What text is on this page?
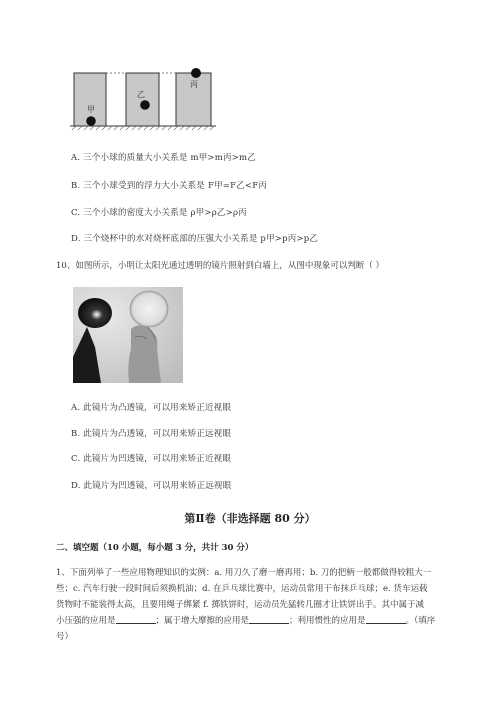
甲
乙
丙
A. 三个小球的质量大小关系是 m甲>m丙>m乙
B. 三个小球受到的浮力大小关系是 F甲=F乙<F丙
C. 三个小球的密度大小关系是 ρ甲>ρ乙>ρ丙
D. 三个烧杯中的水对烧杯底部的压强大小关系是 p甲>p丙>p乙
10、如图所示，小明让太阳光通过透明的镜片照射到白墙上，从图中现象可以判断（ ）
A. 此镜片为凸透镜，可以用来矫正近视眼
B. 此镜片为凸透镜，可以用来矫正远视眼
C. 此镜片为凹透镜，可以用来矫正近视眼
D. 此镜片为凹透镜，可以用来矫正远视眼
第Ⅱ卷（非选择题 80 分）
二、填空题（10 小题，每小题 3 分，共计 30 分）
1、下面列举了一些应用物理知识的实例：a. 用刀久了磨一磨再用；b. 刀的把柄一般都做得较粗大一
些；c. 汽车行驶一段时间后须换机油；d. 在乒乓球比赛中，运动员常用干布抹乒乓球；e. 货车运载
货物时不能装得太高，且要用绳子绑紧 f. 掷铁饼时，运动员先猛转几圈才让铁饼出手。其中属于减
小压强的应用是	；属于增大摩擦的应用是	；利用惯性的应用是	。（填序
号）
